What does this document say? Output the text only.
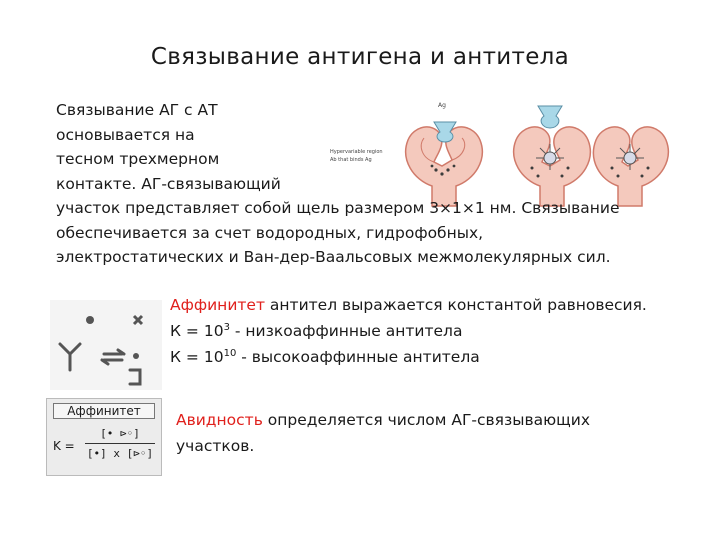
Связывание антигена и антитела
Ag
Hypervariable region
Ab that binds Ag
Связывание АГ с АТ
основывается на
тесном трехмерном
контакте. АГ-связывающий
участок представляет собой щель размером 3×1×1 нм. Связывание
обеспечивается за счет водородных, гидрофобных,
электростатических и Ван-дер-Ваальсовых межмолекулярных сил.
Аффинитет антител выражается константой равновесия.
$К = 10^3$ - низкоаффинные антитела
$К = 10^{10}$ - высокоаффинные антитела
Аффинитет
K =
[• ⊳◦]
[•] x [⊳◦]
Авидность определяется числом АГ-связывающих
участков.
